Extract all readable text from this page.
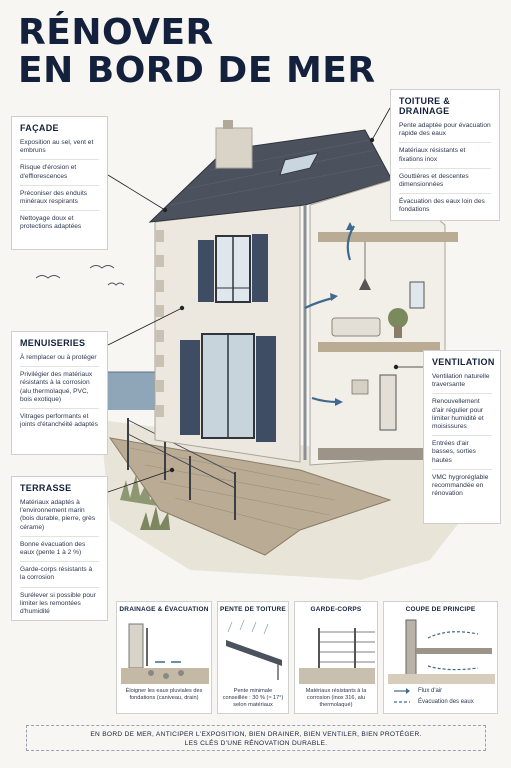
RÉNOVER
EN BORD DE MER
FAÇADE
Exposition au sel, vent et embruns
Risque d'érosion et d'efflorescences
Préconiser des enduits minéraux respirants
Nettoyage doux et protections adaptées
TOITURE & DRAINAGE
Pente adaptée pour évacuation rapide des eaux
Matériaux résistants et fixations inox
Gouttières et descentes dimensionnées
Évacuation des eaux loin des fondations
MENUISERIES
À remplacer ou à protéger
Privilégier des matériaux résistants à la corrosion (alu thermolaqué, PVC, bois exotique)
Vitrages performants et joints d'étanchéité adaptés
VENTILATION
Ventilation naturelle traversante
Renouvellement d'air régulier pour limiter humidité et moisissures
Entrées d'air basses, sorties hautes
VMC hygroréglable recommandée en rénovation
TERRASSE
Matériaux adaptés à l'environnement marin (bois durable, pierre, grès cérame)
Bonne évacuation des eaux (pente 1 à 2 %)
Garde-corps résistants à la corrosion
Surélever si possible pour limiter les remontées d'humidité	DRAINAGE & ÉVACUATION
Éloigner les eaux pluviales des fondations (caniveau, drain)
PENTE DE TOITURE
Pente minimale conseillée : 30 % (≈ 17°) selon matériaux
GARDE-CORPS
Matériaux résistants à la corrosion (inox 316, alu thermolaqué)
COUPE DE PRINCIPE
Flux d'air
Évacuation des eaux
EN BORD DE MER, ANTICIPER L'EXPOSITION, BIEN DRAINER, BIEN VENTILER, BIEN PROTÉGER.
LES CLÉS D'UNE RÉNOVATION DURABLE.
